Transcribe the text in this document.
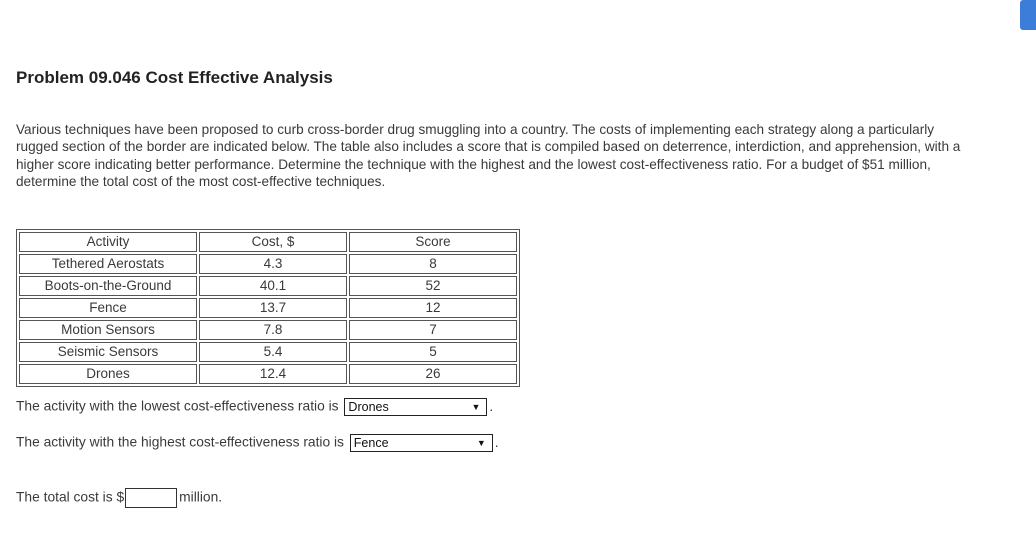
Problem 09.046 Cost Effective Analysis

Various techniques have been proposed to curb cross-border drug smuggling into a country. The costs of implementing each strategy along a particularly rugged section of the border are indicated below. The table also includes a score that is compiled based on deterrence, interdiction, and apprehension, with a higher score indicating better performance. Determine the technique with the highest and the lowest cost-effectiveness ratio. For a budget of $51 million, determine the total cost of the most cost-effective techniques.

Activity	Cost, $	Score
Tethered Aerostats	4.3	8
Boots-on-the-Ground	40.1	52
Fence	13.7	12
Motion Sensors	7.8	7
Seismic Sensors	5.4	5
Drones	12.4	26
The activity with the lowest cost-effectiveness ratio is Drones	▼ .
The activity with the highest cost-effectiveness ratio is Fence	▼ .
The total cost is $	million.
